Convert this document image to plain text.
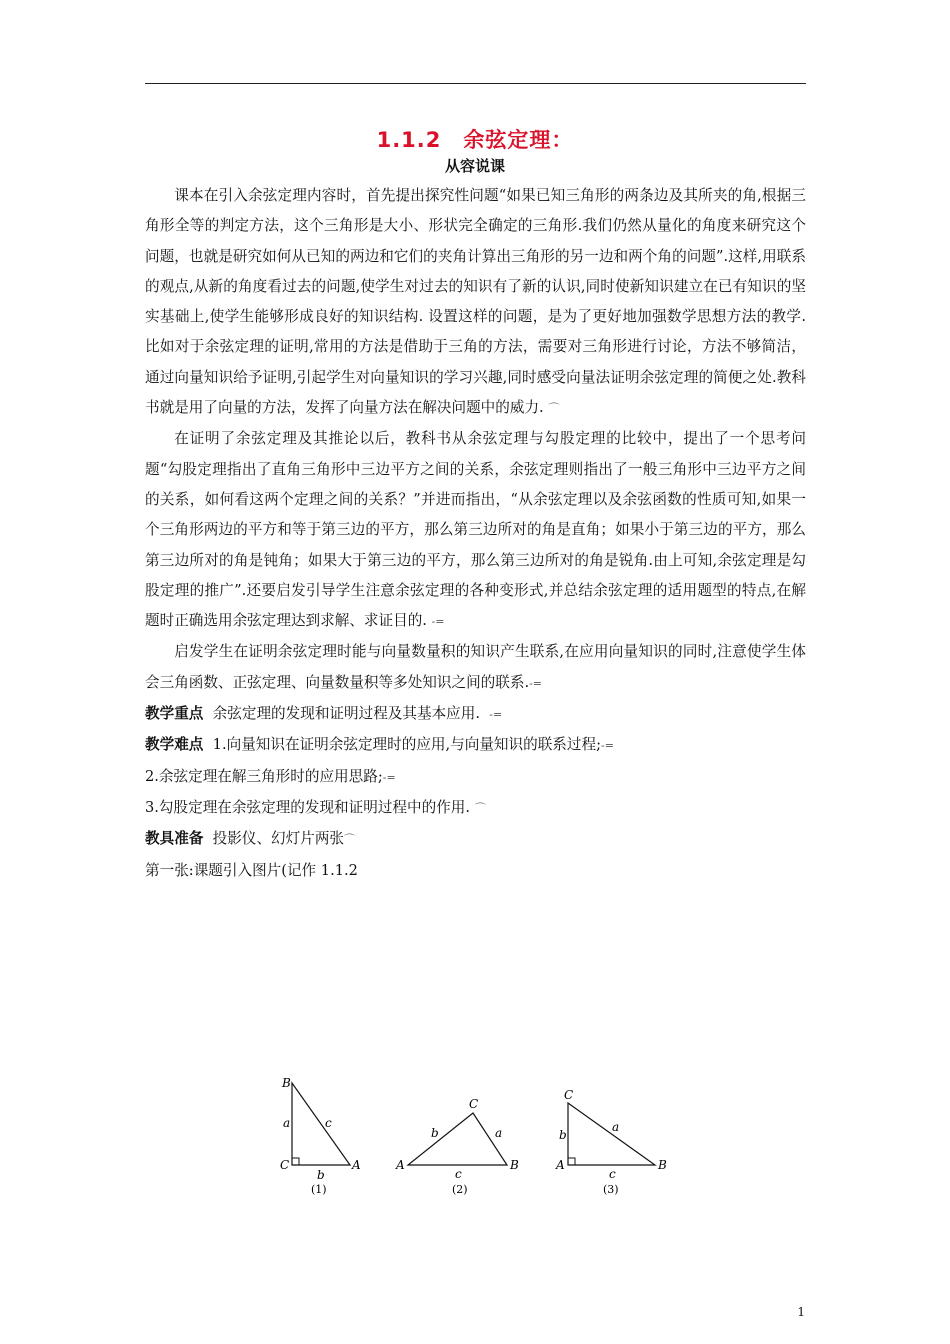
1.1.2　余弦定理：
从容说课

课本在引入余弦定理内容时，首先提出探究性问题“如果已知三角形的两条边及其所夹的角,根据三角形全等的判定方法，这个三角形是大小、形状完全确定的三角形.我们仍然从量化的角度来研究这个问题，也就是研究如何从已知的两边和它们的夹角计算出三角形的另一边和两个角的问题”.这样,用联系的观点,从新的角度看过去的问题,使学生对过去的知识有了新的认识,同时使新知识建立在已有知识的坚实基础上,使学生能够形成良好的知识结构. 设置这样的问题，是为了更好地加强数学思想方法的教学. 比如对于余弦定理的证明,常用的方法是借助于三角的方法，需要对三角形进行讨论，方法不够简洁，通过向量知识给予证明,引起学生对向量知识的学习兴趣,同时感受向量法证明余弦定理的简便之处.教科书就是用了向量的方法，发挥了向量方法在解决问题中的威力. ⌒

在证明了余弦定理及其推论以后，教科书从余弦定理与勾股定理的比较中，提出了一个思考问题“勾股定理指出了直角三角形中三边平方之间的关系，余弦定理则指出了一般三角形中三边平方之间的关系，如何看这两个定理之间的关系？”并进而指出，“从余弦定理以及余弦函数的性质可知,如果一个三角形两边的平方和等于第三边的平方，那么第三边所对的角是直角；如果小于第三边的平方，那么第三边所对的角是钝角；如果大于第三边的平方，那么第三边所对的角是锐角.由上可知,余弦定理是勾股定理的推广”.还要启发引导学生注意余弦定理的各种变形式,并总结余弦定理的适用题型的特点,在解题时正确选用余弦定理达到求解、求证目的. -=

启发学生在证明余弦定理时能与向量数量积的知识产生联系,在应用向量知识的同时,注意使学生体会三角函数、正弦定理、向量数量积等多处知识之间的联系.-=

教学重点 余弦定理的发现和证明过程及其基本应用. -=

教学难点 1.向量知识在证明余弦定理时的应用,与向量知识的联系过程;-=

2.余弦定理在解三角形时的应用思路;-=

3.勾股定理在余弦定理的发现和证明过程中的作用. ⌒

教具准备 投影仪、幻灯片两张⌒

第一张:课题引入图片(记作 1.1.2

B
C	A
a	c
b
(1)
A	B
C
b	a
c
(2)
C
A	B
b
a
c
(3)
1
